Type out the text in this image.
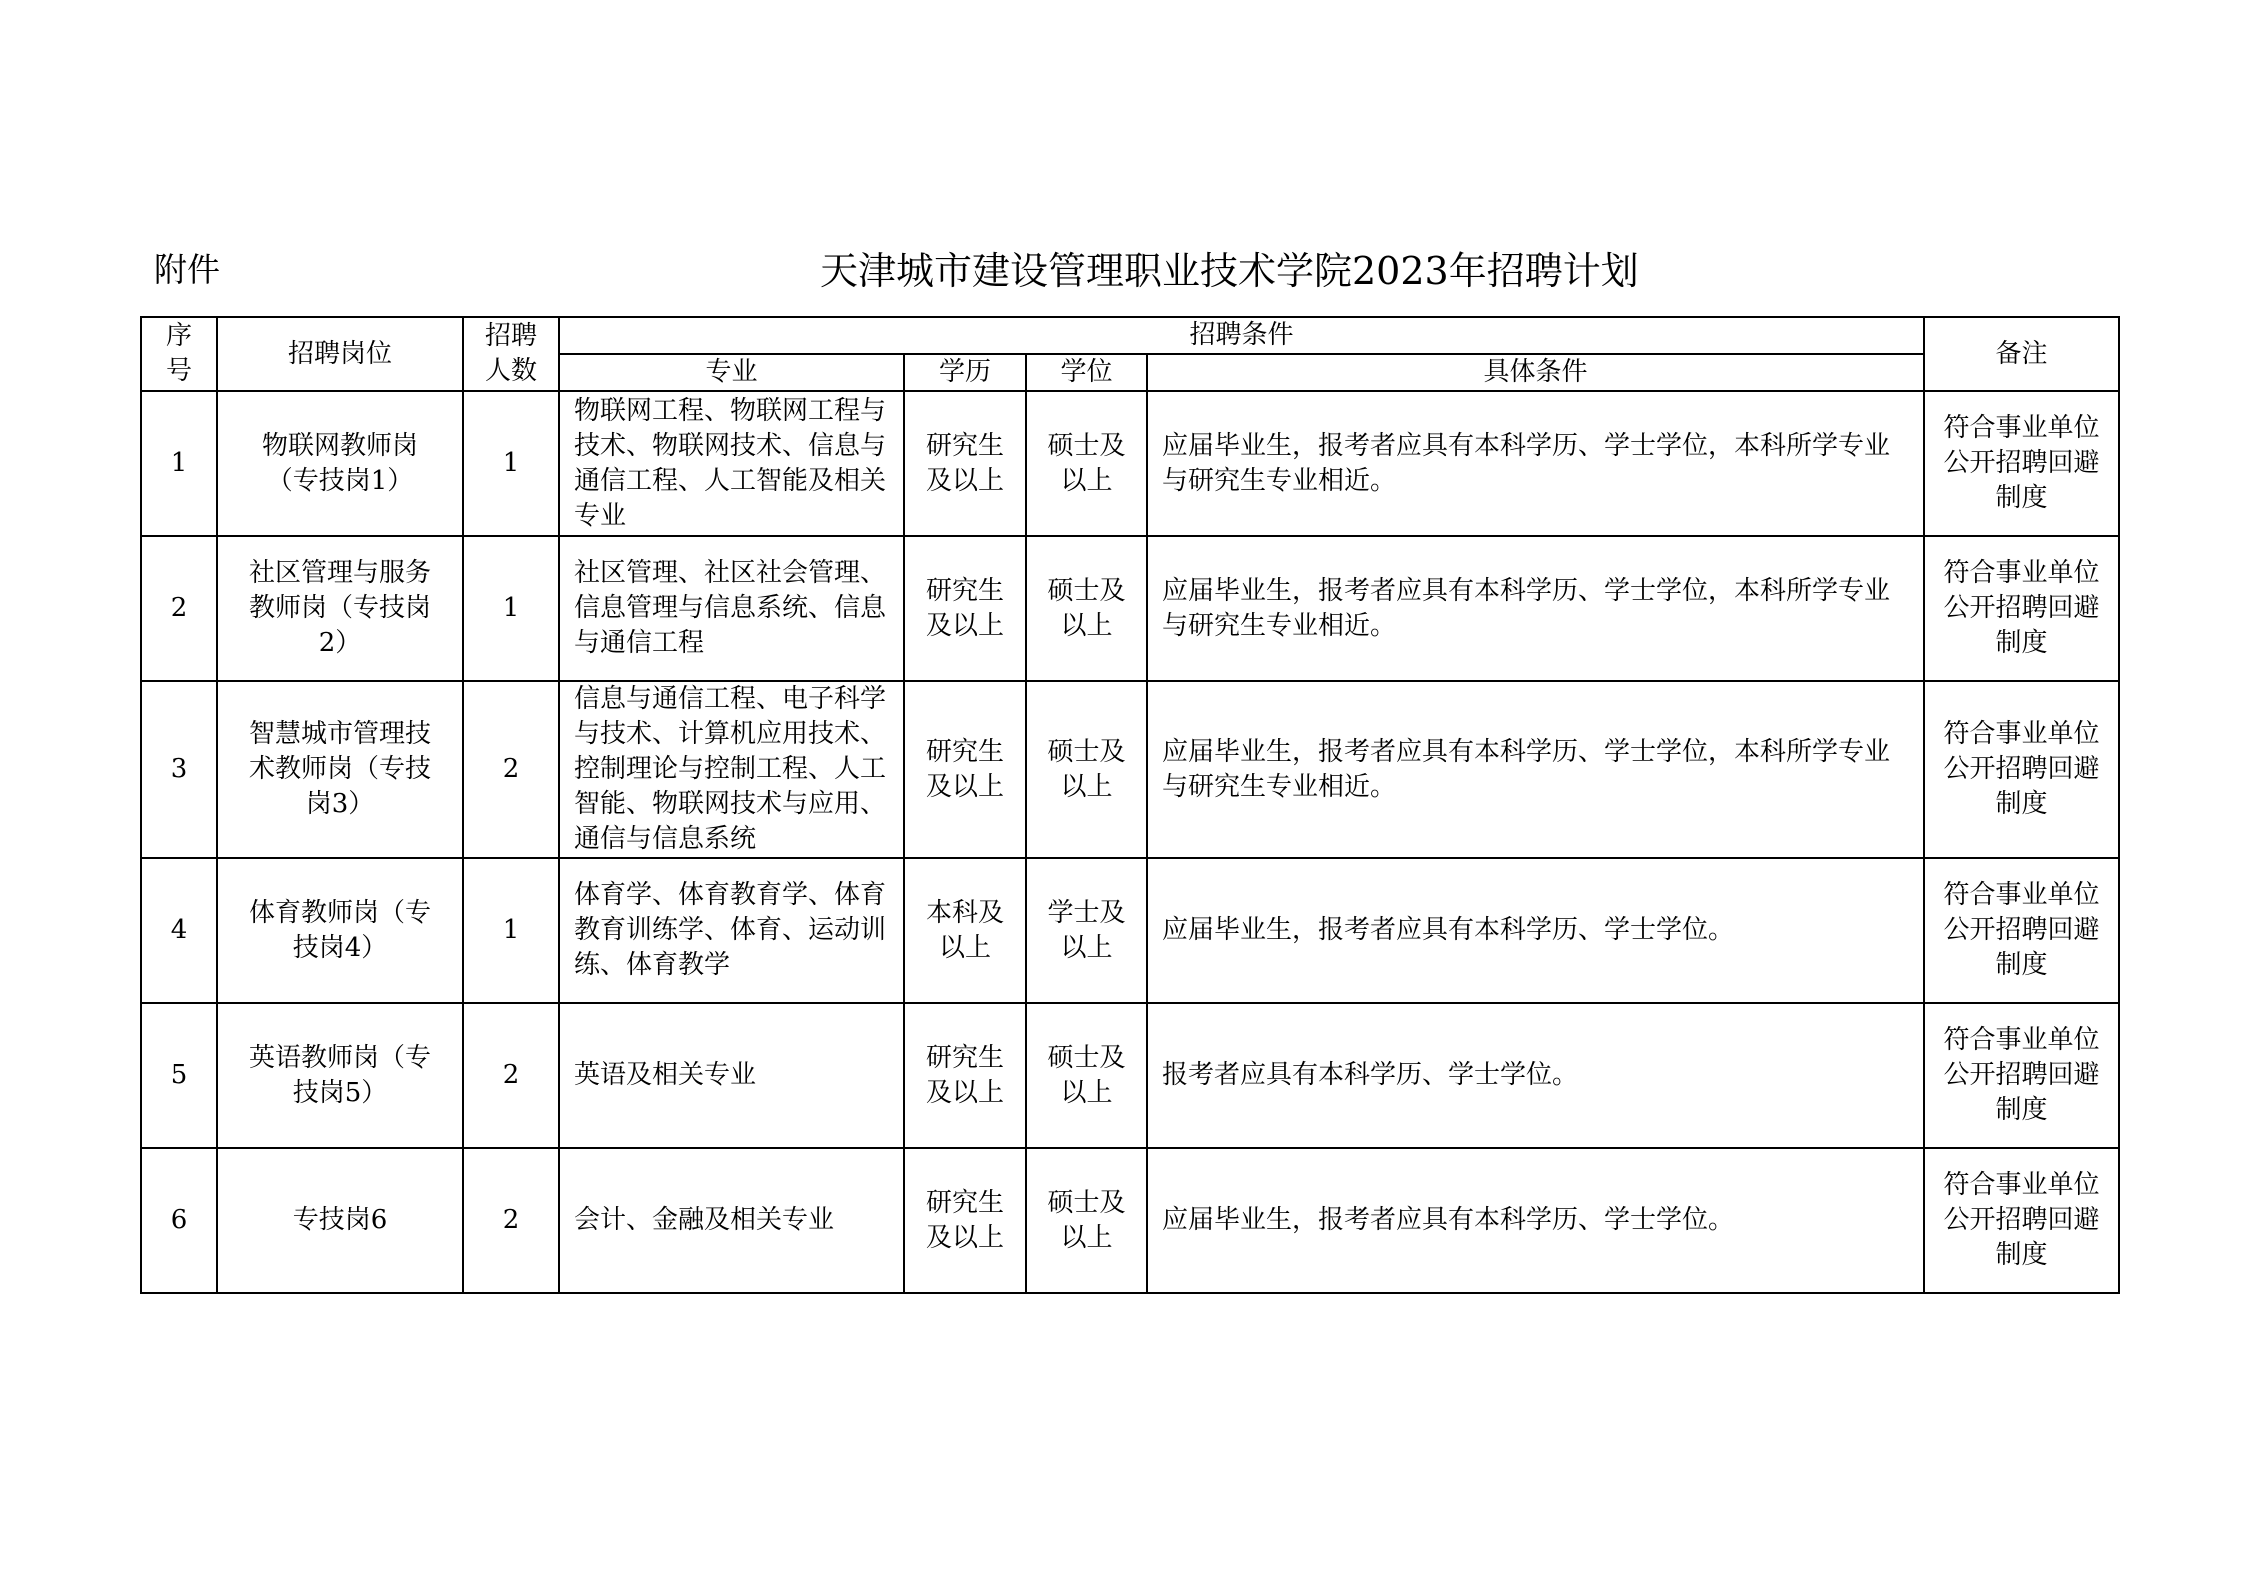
附件	天津城市建设管理职业技术学院2023年招聘计划
序号	招聘岗位	招聘人数	招聘条件				备注
			专业	学历	学位	具体条件	
1	物联网教师岗（专技岗1）	1	物联网工程、物联网工程与技术、物联网技术、信息与通信工程、人工智能及相关专业	研究生及以上	硕士及以上	应届毕业生，报考者应具有本科学历、学士学位，本科所学专业与研究生专业相近。	符合事业单位公开招聘回避制度

2	社区管理与服务教师岗（专技岗2）	1	社区管理、社区社会管理、信息管理与信息系统、信息与通信工程	研究生及以上	硕士及以上	应届毕业生，报考者应具有本科学历、学士学位，本科所学专业与研究生专业相近。	符合事业单位公开招聘回避制度

3	智慧城市管理技术教师岗（专技岗3）	2	信息与通信工程、电子科学与技术、计算机应用技术、控制理论与控制工程、人工智能、物联网技术与应用、通信与信息系统	研究生及以上	硕士及以上	应届毕业生，报考者应具有本科学历、学士学位，本科所学专业与研究生专业相近。	符合事业单位公开招聘回避制度

4	体育教师岗（专技岗4）	1	体育学、体育教育学、体育教育训练学、体育、运动训练、体育教学	本科及以上	学士及以上	应届毕业生，报考者应具有本科学历、学士学位。	符合事业单位公开招聘回避制度

5	英语教师岗（专技岗5）	2	英语及相关专业	研究生及以上	硕士及以上	报考者应具有本科学历、学士学位。	符合事业单位公开招聘回避制度

6	专技岗6	2	会计、金融及相关专业	研究生及以上	硕士及以上	应届毕业生，报考者应具有本科学历、学士学位。	符合事业单位公开招聘回避制度
